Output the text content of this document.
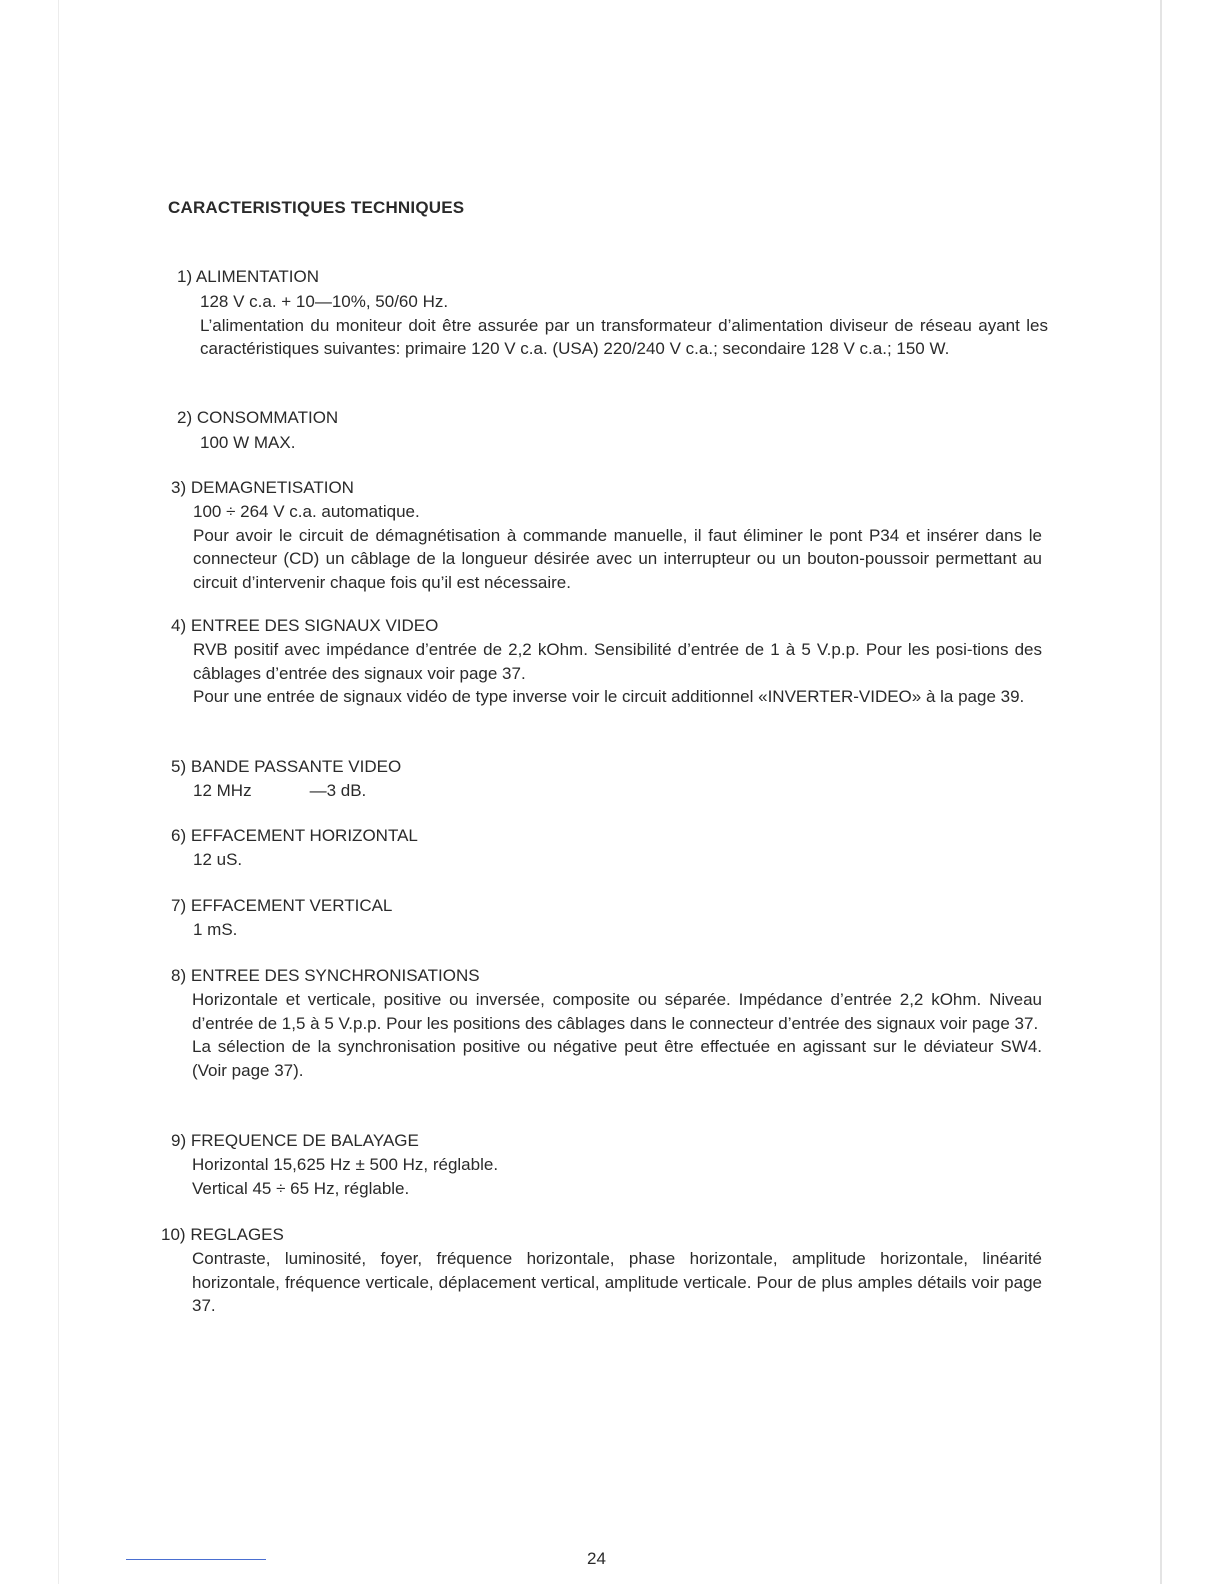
CARACTERISTIQUES TECHNIQUES
1) ALIMENTATION

128 V c.a. + 10—10%, 50/60 Hz.

L’alimentation du moniteur doit être assurée par un transformateur d’alimentation diviseur de réseau ayant les caractéristiques suivantes: primaire 120 V c.a. (USA) 220/240 V c.a.; secondaire 128 V c.a.; 150 W.

2) CONSOMMATION

100 W MAX.

3) DEMAGNETISATION

100 ÷ 264 V c.a. automatique.

Pour avoir le circuit de démagnétisation à commande manuelle, il faut éliminer le pont P34 et insérer dans le connecteur (CD) un câblage de la longueur désirée avec un interrupteur ou un bouton-poussoir permettant au circuit d’intervenir chaque fois qu’il est nécessaire.

4) ENTREE DES SIGNAUX VIDEO

RVB positif avec impédance d’entrée de 2,2 kOhm. Sensibilité d’entrée de 1 à 5 V.p.p. Pour les posi-tions des câblages d’entrée des signaux voir page 37.

Pour une entrée de signaux vidéo de type inverse voir le circuit additionnel «INVERTER-VIDEO» à la page 39.

5) BANDE PASSANTE VIDEO

12 MHz	—3 dB.

6) EFFACEMENT HORIZONTAL

12 uS.

7) EFFACEMENT VERTICAL

1 mS.

8) ENTREE DES SYNCHRONISATIONS

Horizontale et verticale, positive ou inversée, composite ou séparée. Impédance d’entrée 2,2 kOhm. Niveau d’entrée de 1,5 à 5 V.p.p. Pour les positions des câblages dans le connecteur d’entrée des signaux voir page 37.

La sélection de la synchronisation positive ou négative peut être effectuée en agissant sur le déviateur SW4. (Voir page 37).

9) FREQUENCE DE BALAYAGE

Horizontal 15,625 Hz ± 500 Hz, réglable.

Vertical 45 ÷ 65 Hz, réglable.

10) REGLAGES

Contraste, luminosité, foyer, fréquence horizontale, phase horizontale, amplitude horizontale, linéarité horizontale, fréquence verticale, déplacement vertical, amplitude verticale. Pour de plus amples détails voir page 37.

24
